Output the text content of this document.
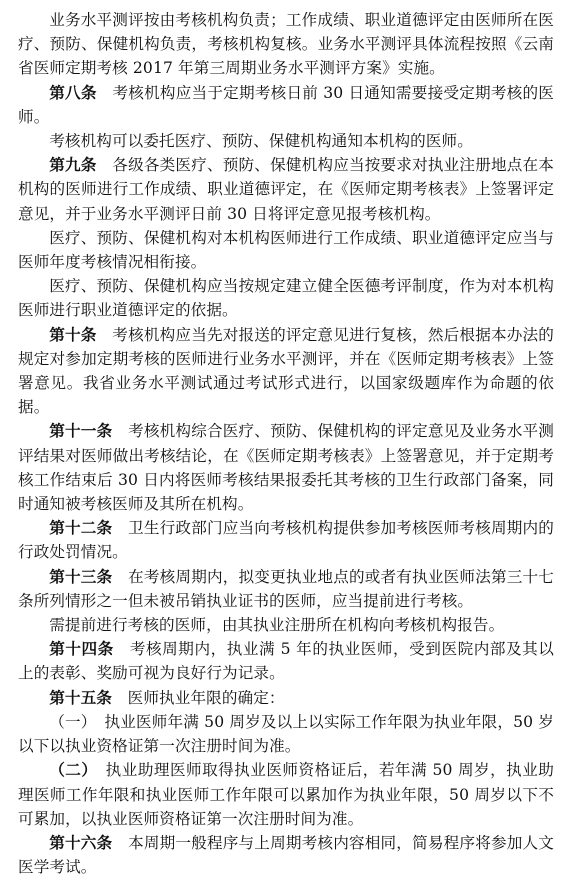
业务水平测评按由考核机构负责；工作成绩、职业道德评定由医师所在医疗、预防、保健机构负责，考核机构复核。业务水平测评具体流程按照《云南省医师定期考核 2017 年第三周期业务水平测评方案》实施。

第八条　考核机构应当于定期考核日前 30 日通知需要接受定期考核的医师。

考核机构可以委托医疗、预防、保健机构通知本机构的医师。

第九条　各级各类医疗、预防、保健机构应当按要求对执业注册地点在本机构的医师进行工作成绩、职业道德评定，在《医师定期考核表》上签署评定意见，并于业务水平测评日前 30 日将评定意见报考核机构。

医疗、预防、保健机构对本机构医师进行工作成绩、职业道德评定应当与医师年度考核情况相衔接。

医疗、预防、保健机构应当按规定建立健全医德考评制度，作为对本机构医师进行职业道德评定的依据。

第十条　考核机构应当先对报送的评定意见进行复核，然后根据本办法的规定对参加定期考核的医师进行业务水平测评，并在《医师定期考核表》上签署意见。我省业务水平测试通过考试形式进行，以国家级题库作为命题的依据。

第十一条　考核机构综合医疗、预防、保健机构的评定意见及业务水平测评结果对医师做出考核结论，在《医师定期考核表》上签署意见，并于定期考核工作结束后 30 日内将医师考核结果报委托其考核的卫生行政部门备案，同时通知被考核医师及其所在机构。

第十二条　卫生行政部门应当向考核机构提供参加考核医师考核周期内的行政处罚情况。

第十三条　在考核周期内，拟变更执业地点的或者有执业医师法第三十七条所列情形之一但未被吊销执业证书的医师，应当提前进行考核。

需提前进行考核的医师，由其执业注册所在机构向考核机构报告。

第十四条　考核周期内，执业满 5 年的执业医师，受到医院内部及其以上的表彰、奖励可视为良好行为记录。

第十五条　医师执业年限的确定：

（一）　执业医师年满 50 周岁及以上以实际工作年限为执业年限，50 岁以下以执业资格证第一次注册时间为准。

（二）　执业助理医师取得执业医师资格证后，若年满 50 周岁，执业助理医师工作年限和执业医师工作年限可以累加作为执业年限，50 周岁以下不可累加，以执业医师资格证第一次注册时间为准。

第十六条　本周期一般程序与上周期考核内容相同，简易程序将参加人文医学考试。
